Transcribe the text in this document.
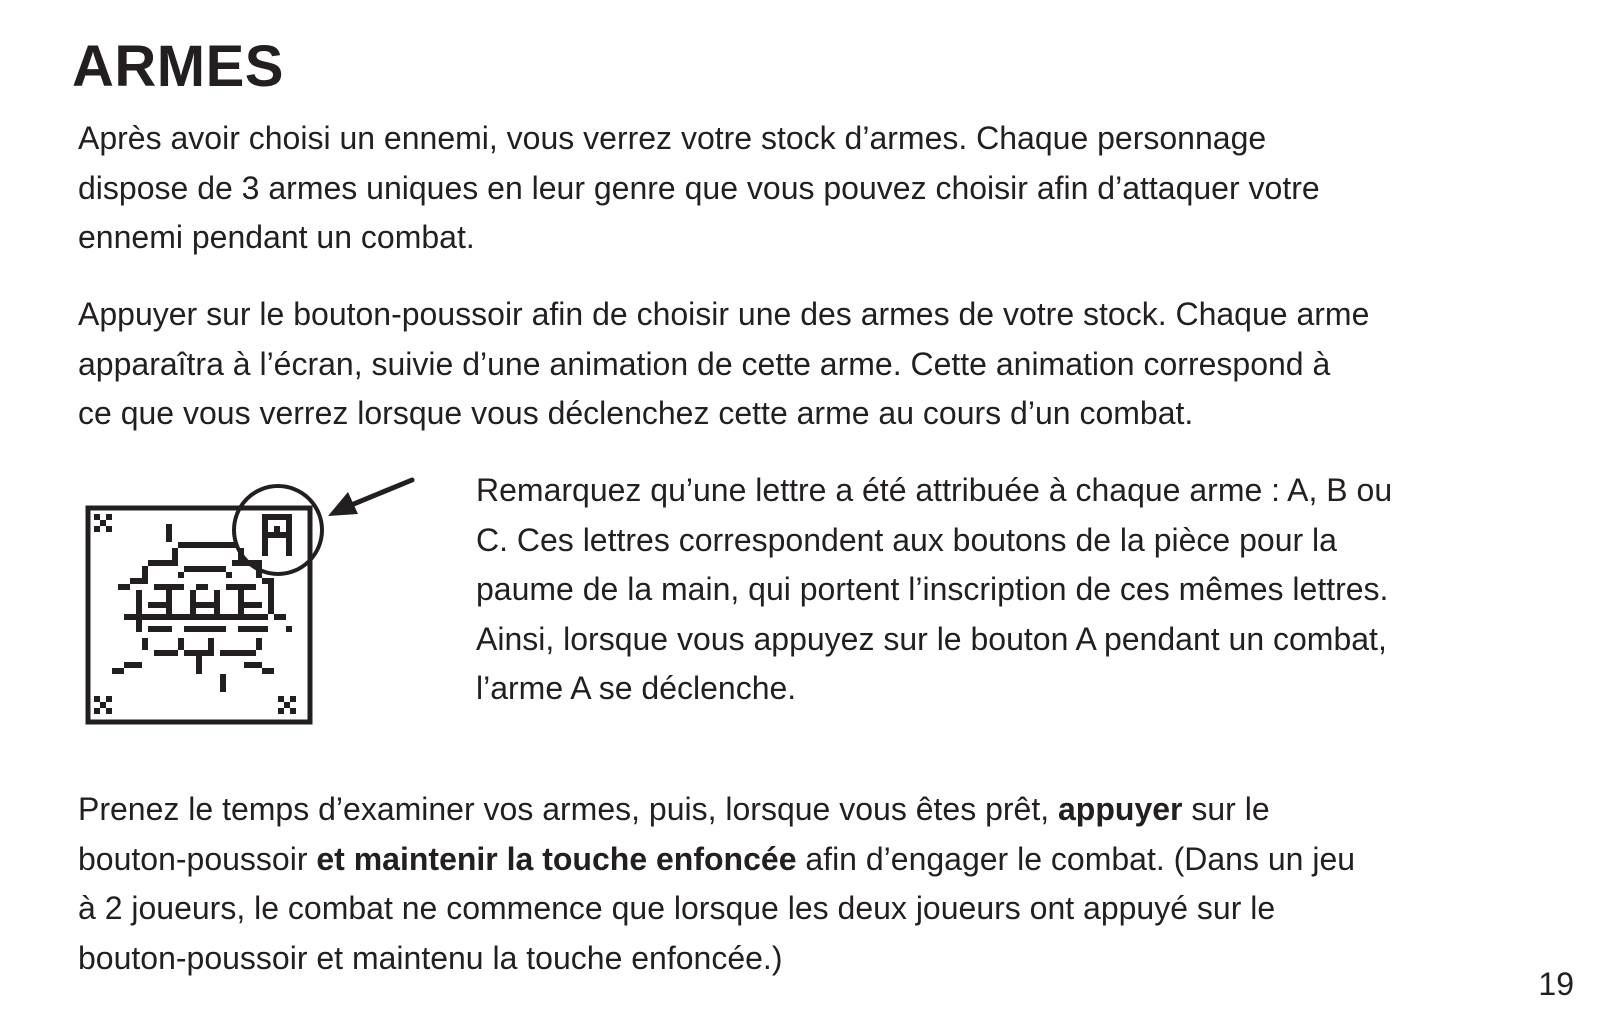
ARMES

Après avoir choisi un ennemi, vous verrez votre stock d’armes. Chaque personnage
dispose de 3 armes uniques en leur genre que vous pouvez choisir afin d’attaquer votre
ennemi pendant un combat.

Appuyer sur le bouton-poussoir afin de choisir une des armes de votre stock. Chaque arme
apparaîtra à l’écran, suivie d’une animation de cette arme. Cette animation correspond à
ce que vous verrez lorsque vous déclenchez cette arme au cours d’un combat.

Remarquez qu’une lettre a été attribuée à chaque arme : A, B ou
C. Ces lettres correspondent aux boutons de la pièce pour la
paume de la main, qui portent l’inscription de ces mêmes lettres.
Ainsi, lorsque vous appuyez sur le bouton A pendant un combat,
l’arme A se déclenche.

Prenez le temps d’examiner vos armes, puis, lorsque vous êtes prêt, appuyer sur le
bouton-poussoir et maintenir la touche enfoncée afin d’engager le combat. (Dans un jeu
à 2 joueurs, le combat ne commence que lorsque les deux joueurs ont appuyé sur le
bouton-poussoir et maintenu la touche enfoncée.)

19
